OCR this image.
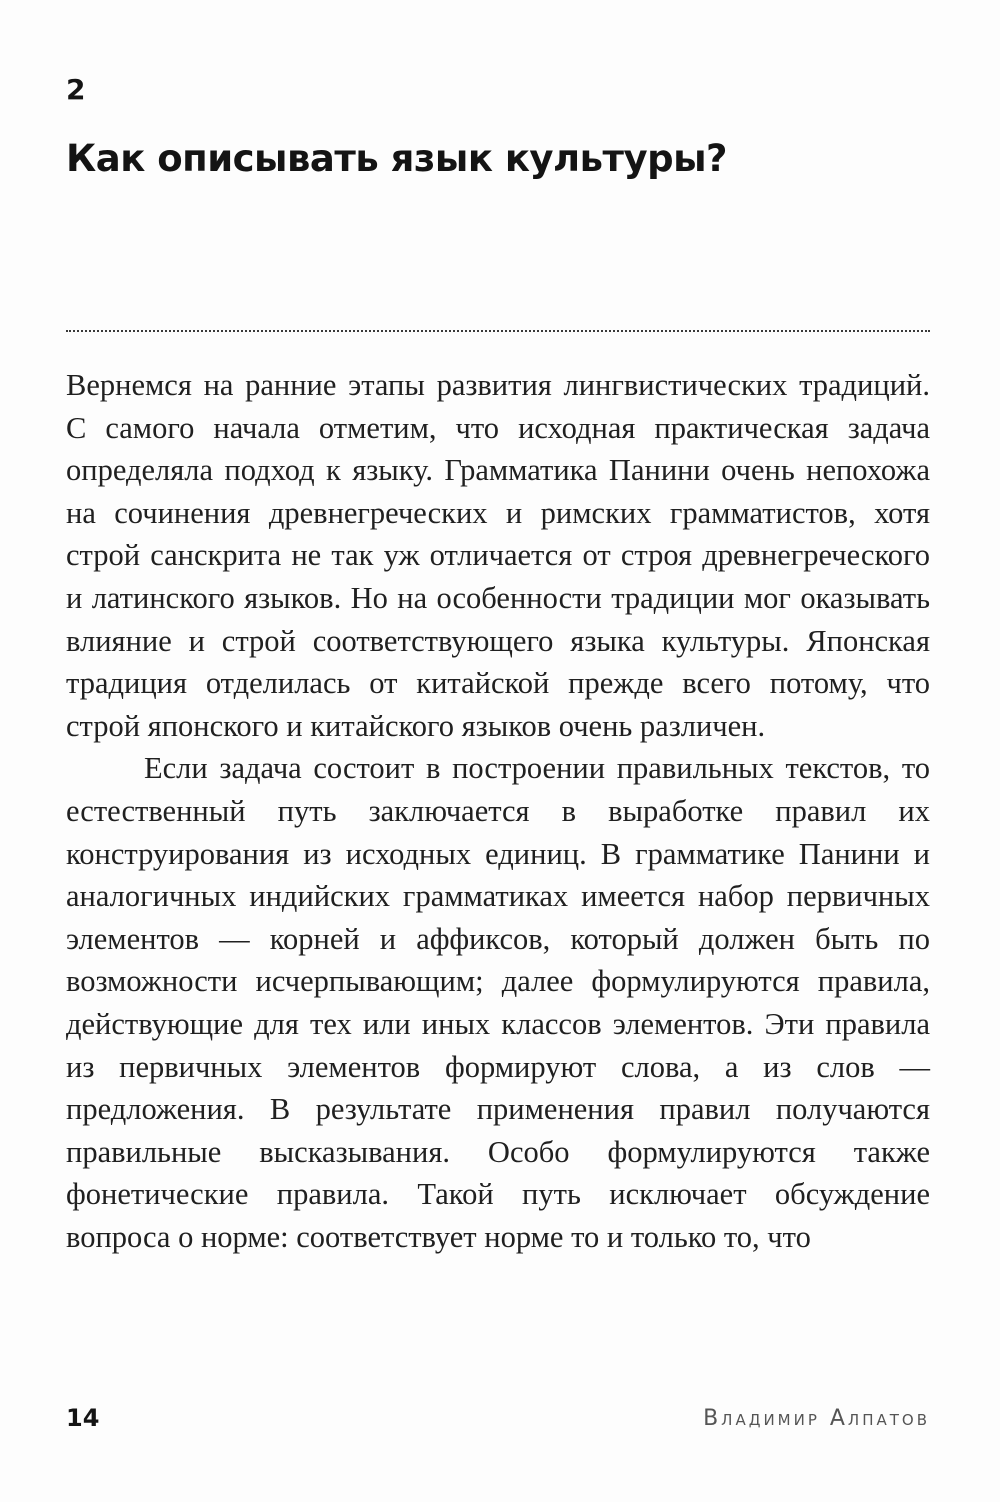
2
Как описывать язык культуры?

Вернемся на ранние этапы развития лингвистических традиций. С самого начала отметим, что исходная практическая задача определяла подход к языку. Грамматика Панини очень непохожа на сочинения древнегреческих и римских грамматистов, хотя строй санскрита не так уж отличается от строя древнегреческого и латинского языков. Но на особенности традиции мог оказывать влияние и строй соответствующего языка культуры. Японская традиция отделилась от китайской прежде всего потому, что строй японского и китайского языков очень различен.

Если задача состоит в построении правильных текстов, то естественный путь заключается в выработке правил их конструирования из исходных единиц. В грамматике Панини и аналогичных индийских грамматиках имеется набор первичных элементов — корней и аффиксов, который должен быть по возможности исчерпывающим; далее формулируются правила, действующие для тех или иных классов элементов. Эти правила из первичных элементов формируют слова, а из слов — предложения. В результате применения правил получаются правильные высказывания. Особо формулируются также фонетические правила. Такой путь исключает обсуждение вопроса о норме: соответствует норме то и только то, что

14	Владимир Алпатов
